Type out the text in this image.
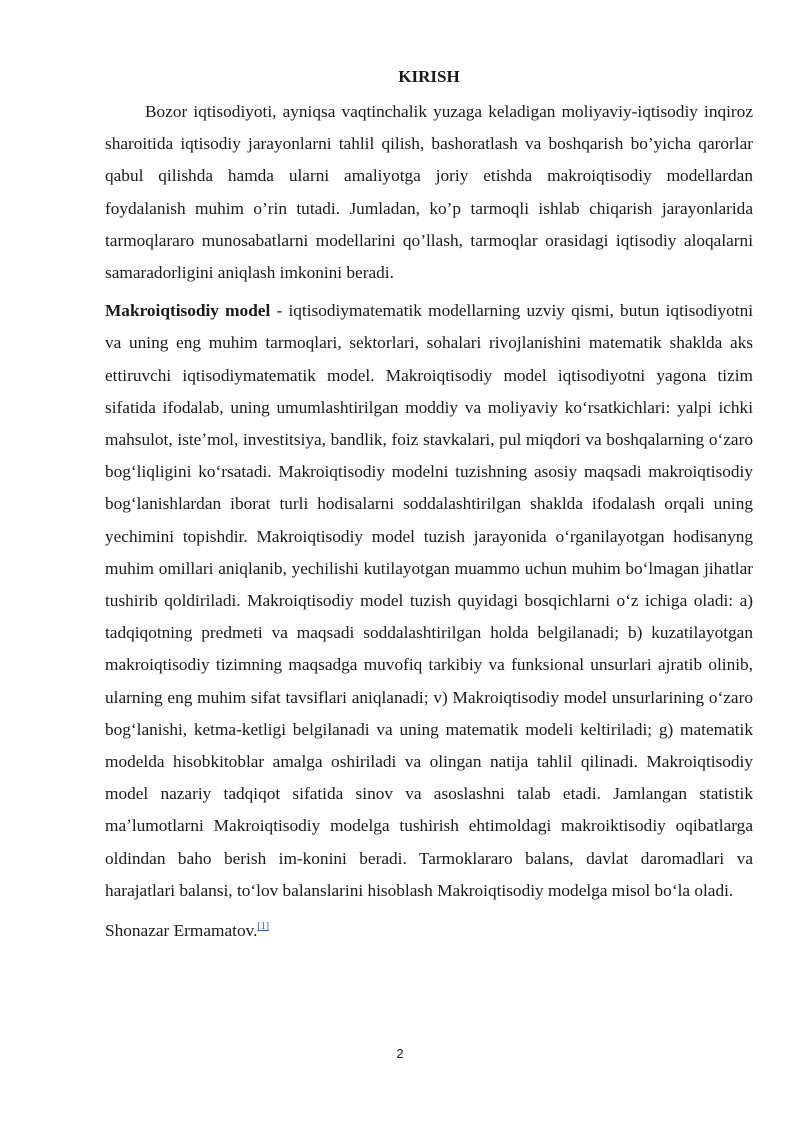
KIRISH

Bozor iqtisodiyoti, ayniqsa vaqtinchalik yuzaga keladigan moliyaviy-iqtisodiy inqiroz sharoitida iqtisodiy jarayonlarni tahlil qilish, bashoratlash va boshqarish bo’yicha qarorlar qabul qilishda hamda ularni amaliyotga joriy etishda makroiqtisodiy modellardan foydalanish muhim o’rin tutadi. Jumladan, ko’p tarmoqli ishlab chiqarish jarayonlarida tarmoqlararo munosabatlarni modellarini qo’llash, tarmoqlar orasidagi iqtisodiy aloqalarni samaradorligini aniqlash imkonini beradi.

Makroiqtisodiy model - iqtisodiymatematik modellarning uzviy qismi, butun iqtisodiyotni va uning eng muhim tarmoqlari, sektorlari, sohalari rivojlanishini matematik shaklda aks ettiruvchi iqtisodiymatematik model. Makroiqtisodiy model iqtisodiyotni yagona tizim sifatida ifodalab, uning umumlashtirilgan moddiy va moliyaviy koʻrsatkichlari: yalpi ichki mahsulot, isteʼmol, investitsiya, bandlik, foiz stavkalari, pul miqdori va boshqalarning oʻzaro bogʻliqligini koʻrsatadi. Makroiqtisodiy modelni tuzishning asosiy maqsadi makroiqtisodiy bogʻlanishlardan iborat turli hodisalarni soddalashtirilgan shaklda ifodalash orqali uning yechimini topishdir. Makroiqtisodiy model tuzish jarayonida oʻrganilayotgan hodisanyng muhim omillari aniqlanib, yechilishi kutilayotgan muammo uchun muhim boʻlmagan jihatlar tushirib qoldiriladi. Makroiqtisodiy model tuzish quyidagi bosqichlarni oʻz ichiga oladi: a) tadqiqotning predmeti va maqsadi soddalashtirilgan holda belgilanadi; b) kuzatilayotgan makroiqtisodiy tizimning maqsadga muvofiq tarkibiy va funksional unsurlari ajratib olinib, ularning eng muhim sifat tavsiflari aniqlanadi; v) Makroiqtisodiy model unsurlarining oʻzaro bogʻlanishi, ketma-ketligi belgilanadi va uning matematik modeli keltiriladi; g) matematik modelda hisobkitoblar amalga oshiriladi va olingan natija tahlil qilinadi. Makroiqtisodiy model nazariy tadqiqot sifatida sinov va asoslashni talab etadi. Jamlangan statistik maʼlumotlarni Makroiqtisodiy modelga tushirish ehtimoldagi makroiktisodiy oqibatlarga oldindan baho berish im-konini beradi. Tarmoklararo balans, davlat daromadlari va harajatlari balansi, toʻlov balanslarini hisoblash Makroiqtisodiy modelga misol boʻla oladi.

Shonazar Ermamatov.[1]

2
